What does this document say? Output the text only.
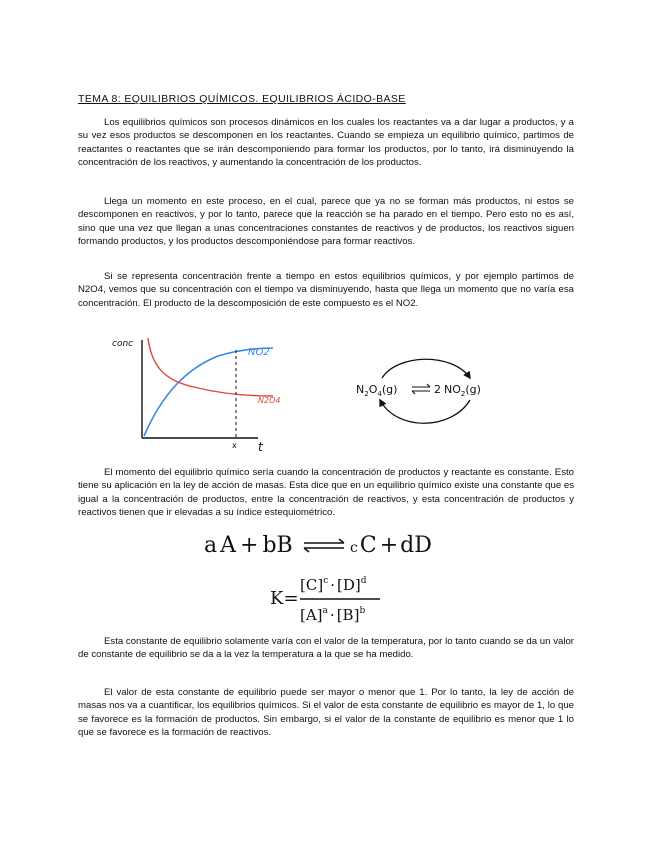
TEMA 8: EQUILIBRIOS QUÍMICOS. EQUILIBRIOS ÁCIDO-BASE

Los equilibrios químicos son procesos dinámicos en los cuales los reactantes va a dar lugar a productos, y a su vez esos productos se descomponen en los reactantes. Cuando se empieza un equilibrio químico, partimos de reactantes o reactantes que se irán descomponiendo para formar los productos, por lo tanto, irá disminuyendo la concentración de los reactivos, y aumentando la concentración de los productos.

Llega un momento en este proceso, en el cual, parece que ya no se forman más productos, ni estos se descomponen en reactivos, y por lo tanto, parece que la reacción se ha parado en el tiempo. Pero esto no es así, sino que una vez que llegan a unas concentraciones constantes de reactivos y de productos, los reactivos siguen formando productos, y los productos descomponiéndose para formar reactivos.

Si se representa concentración frente a tiempo en estos equilibrios químicos, y por ejemplo partimos de N2O4, vemos que su concentración con el tiempo va disminuyendo, hasta que llega un momento que no varía esa concentración. El producto de la descomposición de este compuesto es el NO2.

conc
NO2
N2O4
x t
$N_2O_4(g)$	2 $NO_2(g)$

El momento del equilibrio químico sería cuando la concentración de productos y reactante es constante. Esto tiene su aplicación en la ley de acción de masas. Esta dice que en un equilibrio químico existe una constante que es igual a la concentración de productos, entre la concentración de reactivos, y esta concentración de productos y reactivos tienen que ir elevadas a su índice estequiométrico.

a A + bB	cC +dD
K=
$[C]^c \cdot [D]^d$
$[A]^a \cdot [B]^b$

Esta constante de equilibrio solamente varía con el valor de la temperatura, por lo tanto cuando se da un valor de constante de equilibrio se da a la vez la temperatura a la que se ha medido.

El valor de esta constante de equilibrio puede ser mayor o menor que 1. Por lo tanto, la ley de acción de masas nos va a cuantificar, los equilibrios químicos. Si el valor de esta constante de equilibrio es mayor de 1, lo que se favorece es la formación de productos. Sin embargo, si el valor de la constante de equilibrio es menor que 1 lo que se favorece es la formación de reactivos.
